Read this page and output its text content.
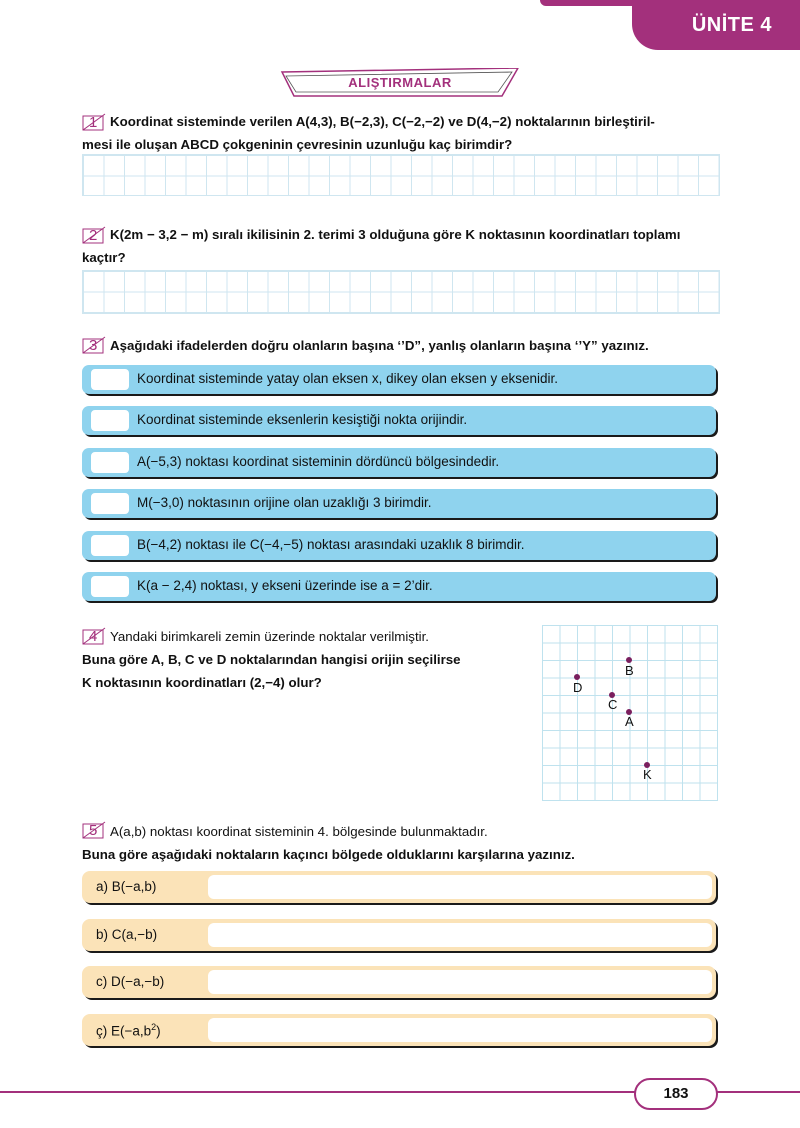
ÜNİTE 4
ALIŞTIRMALAR
1 Koordinat sisteminde verilen A(4,3), B(−2,3), C(−2,−2) ve D(4,−2) noktalarının birleştiril-
mesi ile oluşan ABCD çokgeninin çevresinin uzunluğu kaç birimdir?
2 K(2m − 3,2 − m) sıralı ikilisinin 2. terimi 3 olduğuna göre K noktasının koordinatları toplamı
kaçtır?
3 Aşağıdaki ifadelerden doğru olanların başına ‘’D”, yanlış olanların başına ‘’Y” yazınız.
Koordinat sisteminde yatay olan eksen x, dikey olan eksen y eksenidir.
Koordinat sisteminde eksenlerin kesiştiği nokta orijindir.
A(−5,3) noktası koordinat sisteminin dördüncü bölgesindedir.
M(−3,0) noktasının orijine olan uzaklığı 3 birimdir.
B(−4,2) noktası ile C(−4,−5) noktası arasındaki uzaklık 8 birimdir.
K(a − 2,4) noktası, y ekseni üzerinde ise a = 2’dir.
4 Yandaki birimkareli zemin üzerinde noktalar verilmiştir.
Buna göre A, B, C ve D noktalarından hangisi orijin seçilirse
K noktasının koordinatları (2,−4) olur?
B
D
C
A
K
5 A(a,b) noktası koordinat sisteminin 4. bölgesinde bulunmaktadır.
Buna göre aşağıdaki noktaların kaçıncı bölgede olduklarını karşılarına yazınız.
a) B(−a,b)
b) C(a,−b)
c) D(−a,−b)
ç) $E(-a,b^2)$
183
